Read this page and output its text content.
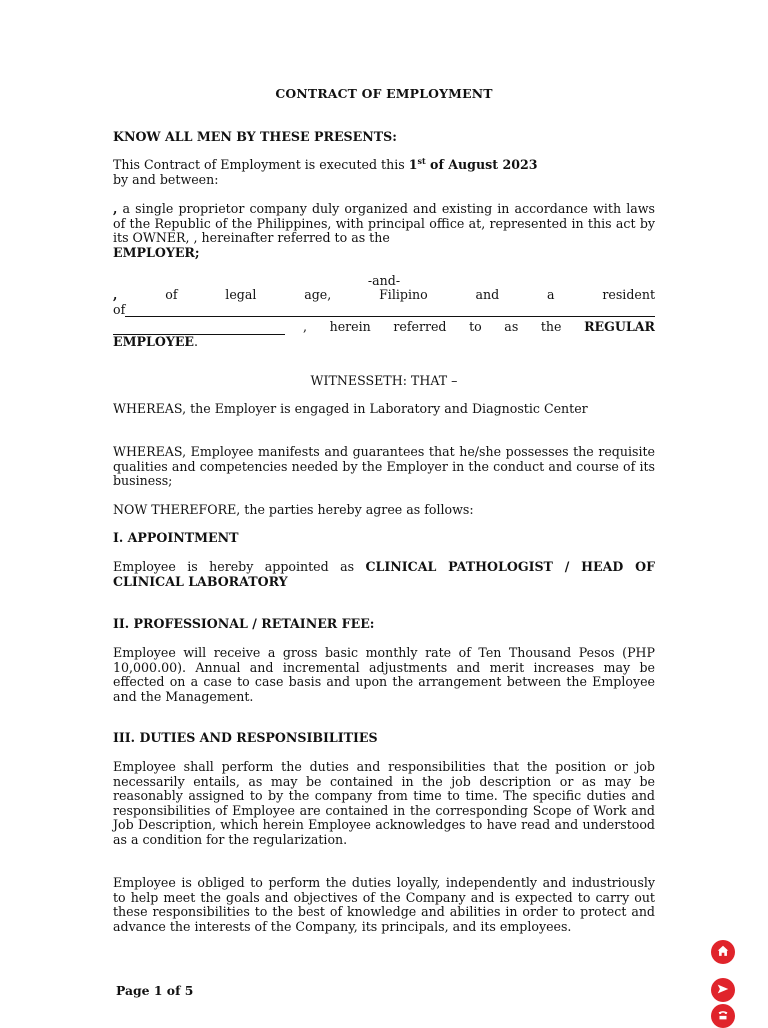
CONTRACT OF EMPLOYMENT

KNOW ALL MEN BY THESE PRESENTS:

This Contract of Employment is executed this 1st of August 2023
by and between:

, a single proprietor company duly organized and existing in accordance with laws of the Republic of the Philippines, with principal office at, represented in this act by its OWNER, , hereinafter referred to as the
EMPLOYER;

-and-

,	of legal age, Filipino and a resident
of
, herein referred to as the REGULAR
EMPLOYEE.

WITNESSETH: THAT –

WHEREAS, the Employer is engaged in Laboratory and Diagnostic Center

WHEREAS, Employee manifests and guarantees that he/she possesses the requisite qualities and competencies needed by the Employer in the conduct and course of its business;

NOW THEREFORE, the parties hereby agree as follows:

I. APPOINTMENT

Employee is hereby appointed as CLINICAL PATHOLOGIST / HEAD OF CLINICAL LABORATORY

II. PROFESSIONAL / RETAINER FEE:

Employee will receive a gross basic monthly rate of Ten Thousand Pesos (PHP 10,000.00). Annual and incremental adjustments and merit increases may be effected on a case to case basis and upon the arrangement between the Employee and the Management.

III. DUTIES AND RESPONSIBILITIES

Employee shall perform the duties and responsibilities that the position or job necessarily entails, as may be contained in the job description or as may be reasonably assigned to by the company from time to time. The specific duties and responsibilities of Employee are contained in the corresponding Scope of Work and Job Description, which herein Employee acknowledges to have read and understood as a condition for the regularization.

Employee is obliged to perform the duties loyally, independently and industriously to help meet the goals and objectives of the Company and is expected to carry out these responsibilities to the best of knowledge and abilities in order to protect and advance the interests of the Company, its principals, and its employees.

Page 1 of 5
